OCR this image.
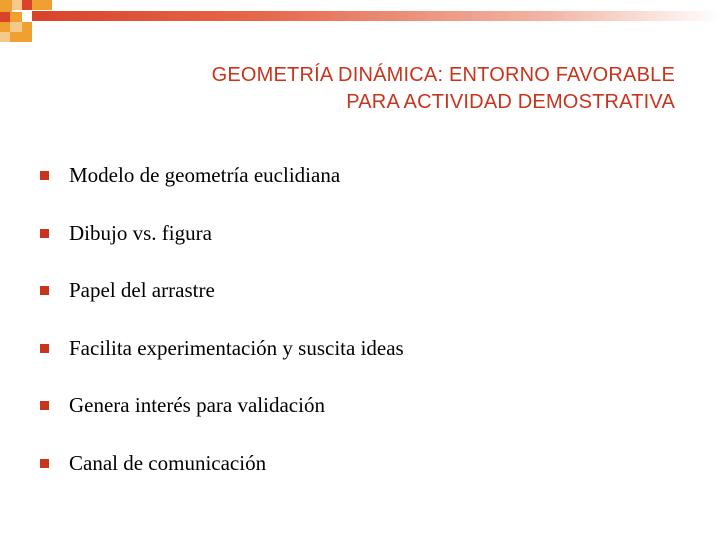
GEOMETRÍA DINÁMICA: ENTORNO FAVORABLE
PARA ACTIVIDAD DEMOSTRATIVA
Modelo de geometría euclidiana
Dibujo vs. figura
Papel del arrastre
Facilita experimentación y suscita ideas
Genera interés para validación
Canal de comunicación
